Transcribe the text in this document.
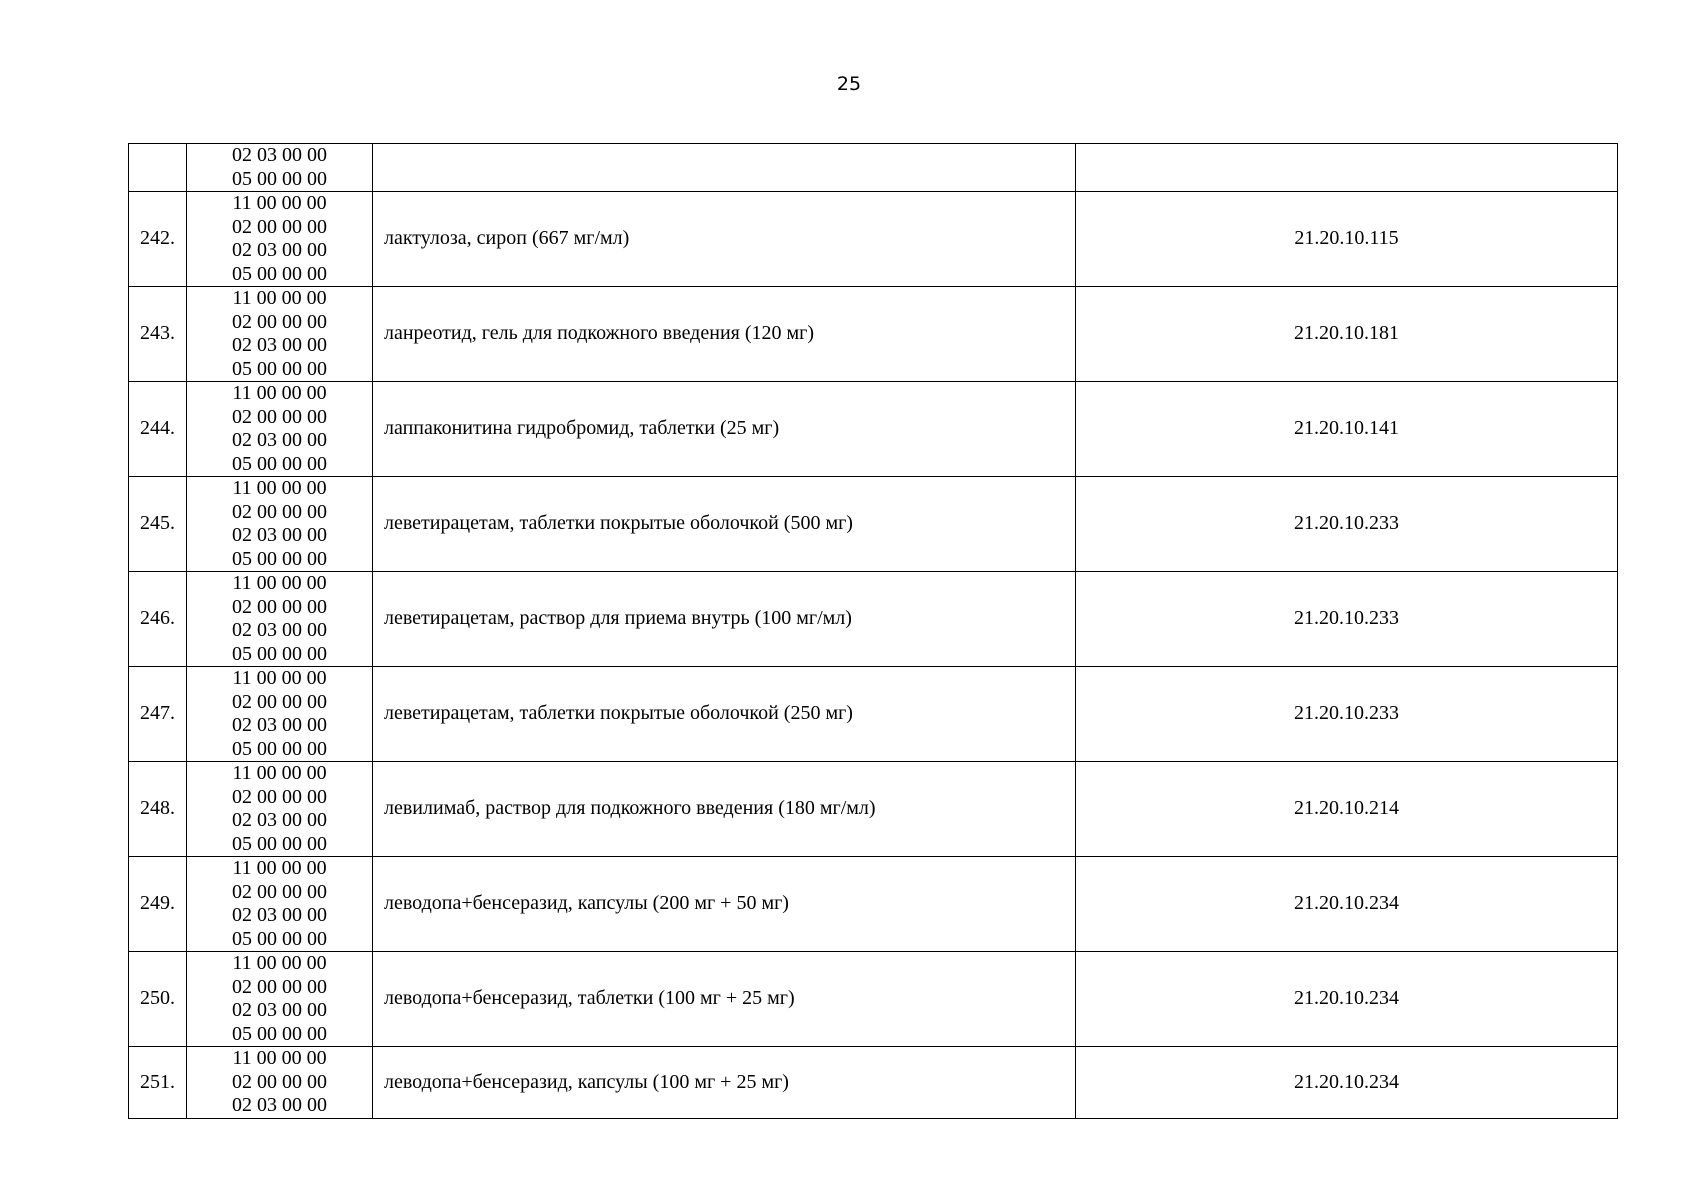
25

	02 03 00 00
05 00 00 00		

242.	11 00 00 00
02 00 00 00
02 03 00 00
05 00 00 00	лактулоза, сироп (667 мг/мл)	21.20.10.115
243.	11 00 00 00
02 00 00 00
02 03 00 00
05 00 00 00	ланреотид, гель для подкожного введения (120 мг)	21.20.10.181
244.	11 00 00 00
02 00 00 00
02 03 00 00
05 00 00 00	лаппаконитина гидробромид, таблетки (25 мг)	21.20.10.141
245.	11 00 00 00
02 00 00 00
02 03 00 00
05 00 00 00	леветирацетам, таблетки покрытые оболочкой (500 мг)	21.20.10.233
246.	11 00 00 00
02 00 00 00
02 03 00 00
05 00 00 00	леветирацетам, раствор для приема внутрь (100 мг/мл)	21.20.10.233
247.	11 00 00 00
02 00 00 00
02 03 00 00
05 00 00 00	леветирацетам, таблетки покрытые оболочкой (250 мг)	21.20.10.233
248.	11 00 00 00
02 00 00 00
02 03 00 00
05 00 00 00	левилимаб, раствор для подкожного введения (180 мг/мл)	21.20.10.214
249.	11 00 00 00
02 00 00 00
02 03 00 00
05 00 00 00	леводопа+бенсеразид, капсулы (200 мг + 50 мг)	21.20.10.234
250.	11 00 00 00
02 00 00 00
02 03 00 00
05 00 00 00	леводопа+бенсеразид, таблетки (100 мг + 25 мг)	21.20.10.234
251.	11 00 00 00
02 00 00 00
02 03 00 00	леводопа+бенсеразид, капсулы (100 мг + 25 мг)	21.20.10.234
